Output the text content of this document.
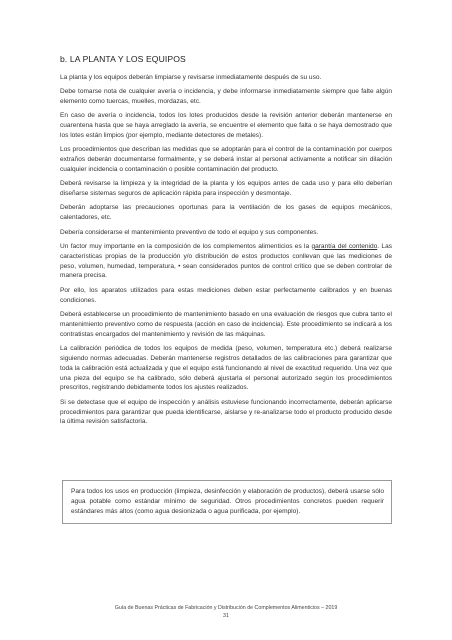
b. LA PLANTA Y LOS EQUIPOS

La planta y los equipos deberán limpiarse y revisarse inmediatamente después de su uso.

Debe tomarse nota de cualquier avería o incidencia, y debe informarse inmediatamente siempre que falte algún elemento como tuercas, muelles, mordazas, etc.

En caso de avería o incidencia, todos los lotes producidos desde la revisión anterior deberán mantenerse en cuarentena hasta que se haya arreglado la avería, se encuentre el elemento que falta o se haya demostrado que los lotes están limpios (por ejemplo, mediante detectores de metales).

Los procedimientos que describan las medidas que se adoptarán para el control de la contaminación por cuerpos extraños deberán documentarse formalmente, y se deberá instar al personal activamente a notificar sin dilación cualquier incidencia o contaminación o posible contaminación del producto.

Deberá revisarse la limpieza y la integridad de la planta y los equipos antes de cada uso y para ello deberían diseñarse sistemas seguros de aplicación rápida para inspección y desmontaje.

Deberán adoptarse las precauciones oportunas para la ventilación de los gases de equipos mecánicos, calentadores, etc.

Debería considerarse el mantenimiento preventivo de todo el equipo y sus componentes.

Un factor muy importante en la composición de los complementos alimenticios es la garantía del contenido. Las características propias de la producción y/o distribución de estos productos conllevan que las mediciones de peso, volumen, humedad, temperatura, • sean considerados puntos de control crítico que se deben controlar de manera precisa.

Por ello, los aparatos utilizados para estas mediciones deben estar perfectamente calibrados y en buenas condiciones.

Deberá establecerse un procedimiento de mantenimiento basado en una evaluación de riesgos que cubra tanto el mantenimiento preventivo como de respuesta (acción en caso de incidencia). Este procedimiento se indicará a los contratistas encargados del mantenimiento y revisión de las máquinas.

La calibración periódica de todos los equipos de medida (peso, volumen, temperatura etc.) deberá realizarse siguiendo normas adecuadas. Deberán mantenerse registros detallados de las calibraciones para garantizar que toda la calibración está actualizada y que el equipo está funcionando al nivel de exactitud requerido. Una vez que una pieza del equipo se ha calibrado, sólo deberá ajustarla el personal autorizado según los procedimientos prescritos, registrando debidamente todos los ajustes realizados.

Si se detectase que el equipo de inspección y análisis estuviese funcionando incorrectamente, deberán aplicarse procedimientos para garantizar que pueda identificarse, aislarse y re-analizarse todo el producto producido desde la última revisión satisfactoria.

Para todos los usos en producción (limpieza, desinfección y elaboración de productos), deberá usarse sólo agua potable como estándar mínimo de seguridad. Otros procedimientos concretos pueden requerir estándares más altos (como agua desionizada o agua purificada, por ejemplo).

Guía de Buenas Prácticas de Fabricación y Distribución de Complementos Alimenticios – 2019
31
